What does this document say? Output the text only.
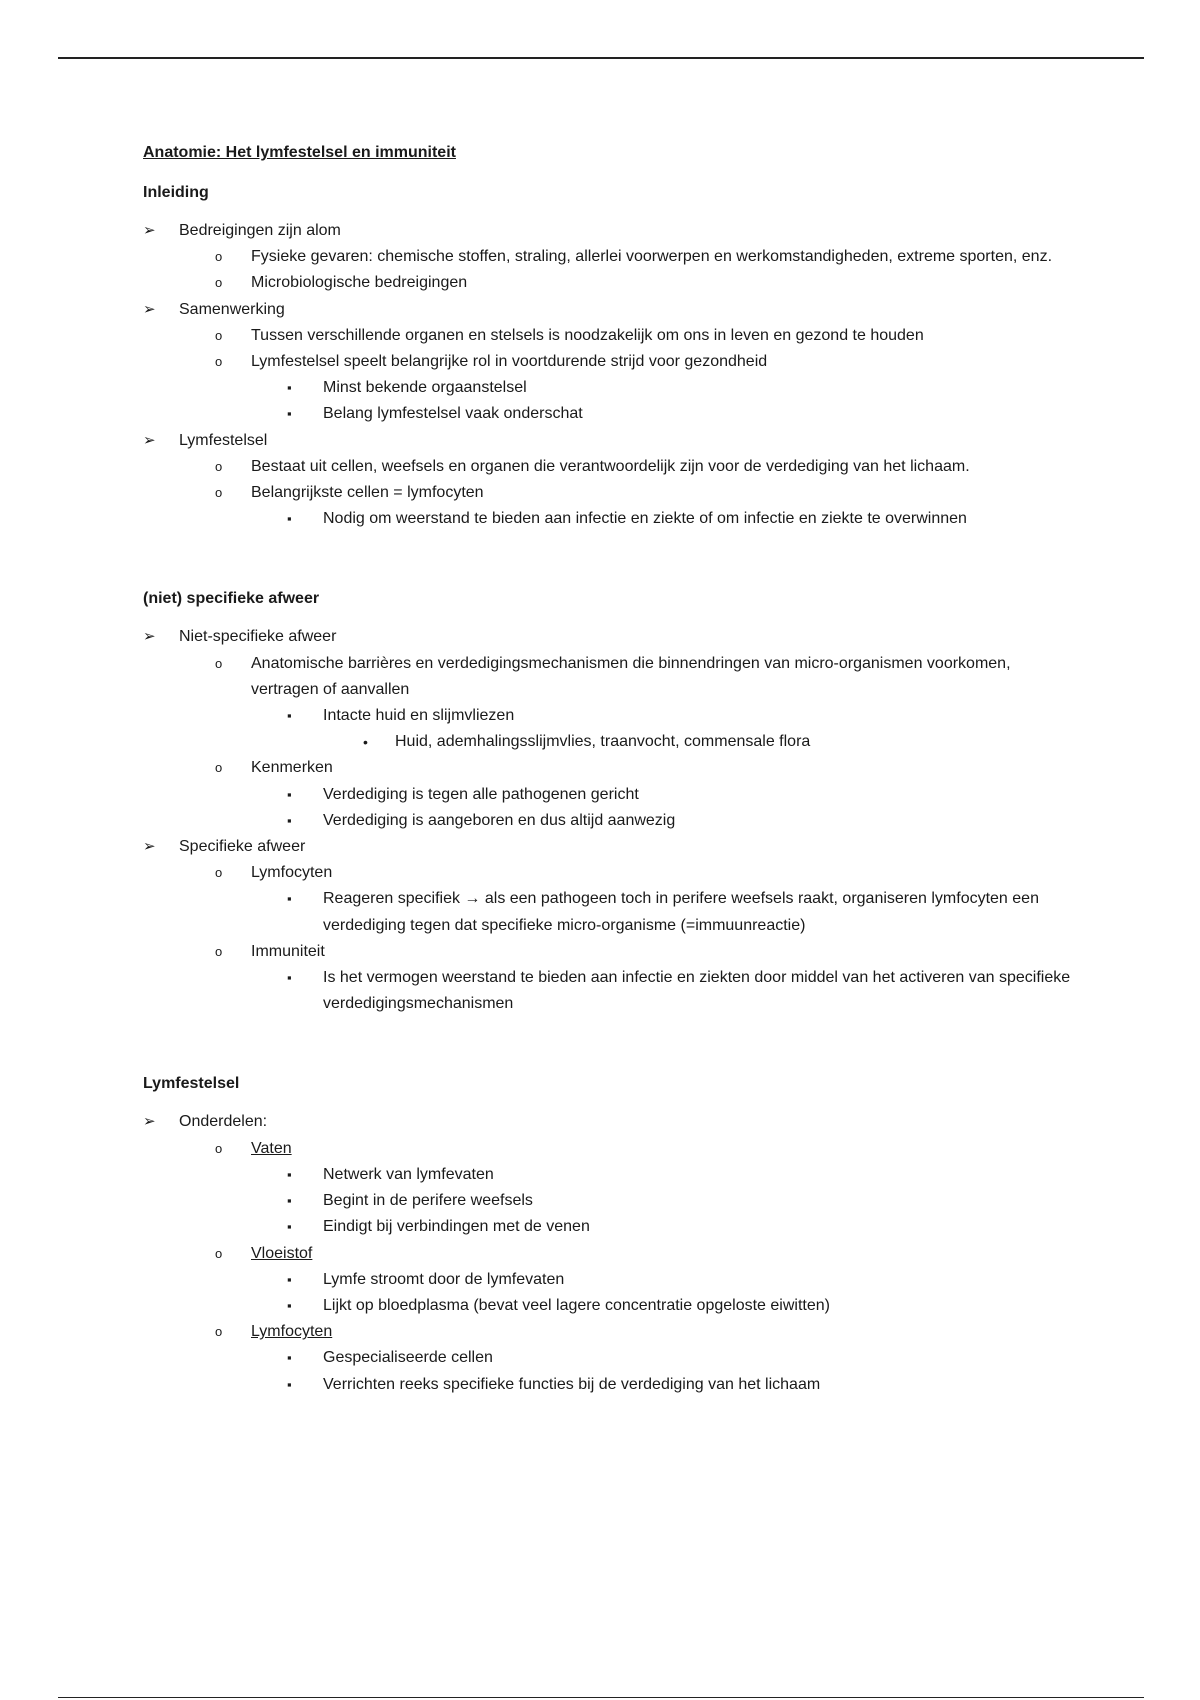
Anatomie: Het lymfestelsel en immuniteit
Inleiding
➢ Bedreigingen zijn alom
o Fysieke gevaren: chemische stoffen, straling, allerlei voorwerpen en werkomstandigheden, extreme sporten, enz.
o Microbiologische bedreigingen
➢ Samenwerking
o Tussen verschillende organen en stelsels is noodzakelijk om ons in leven en gezond te houden
o Lymfestelsel speelt belangrijke rol in voortdurende strijd voor gezondheid
▪ Minst bekende orgaanstelsel
▪ Belang lymfestelsel vaak onderschat
➢ Lymfestelsel
o Bestaat uit cellen, weefsels en organen die verantwoordelijk zijn voor de verdediging van het lichaam.
o Belangrijkste cellen = lymfocyten
▪ Nodig om weerstand te bieden aan infectie en ziekte of om infectie en ziekte te overwinnen
(niet) specifieke afweer
➢ Niet-specifieke afweer
o Anatomische barrières en verdedigingsmechanismen die binnendringen van micro-organismen voorkomen, vertragen of aanvallen
▪ Intacte huid en slijmvliezen
• Huid, ademhalingsslijmvlies, traanvocht, commensale flora
o Kenmerken
▪ Verdediging is tegen alle pathogenen gericht
▪ Verdediging is aangeboren en dus altijd aanwezig
➢ Specifieke afweer
o Lymfocyten
▪ Reageren specifiek → als een pathogeen toch in perifere weefsels raakt, organiseren lymfocyten een verdediging tegen dat specifieke micro-organisme (=immuunreactie)
o Immuniteit
▪ Is het vermogen weerstand te bieden aan infectie en ziekten door middel van het activeren van specifieke verdedigingsmechanismen
Lymfestelsel
➢ Onderdelen:
o Vaten
▪ Netwerk van lymfevaten
▪ Begint in de perifere weefsels
▪ Eindigt bij verbindingen met de venen
o Vloeistof
▪ Lymfe stroomt door de lymfevaten
▪ Lijkt op bloedplasma (bevat veel lagere concentratie opgeloste eiwitten)
o Lymfocyten
▪ Gespecialiseerde cellen
▪ Verrichten reeks specifieke functies bij de verdediging van het lichaam
